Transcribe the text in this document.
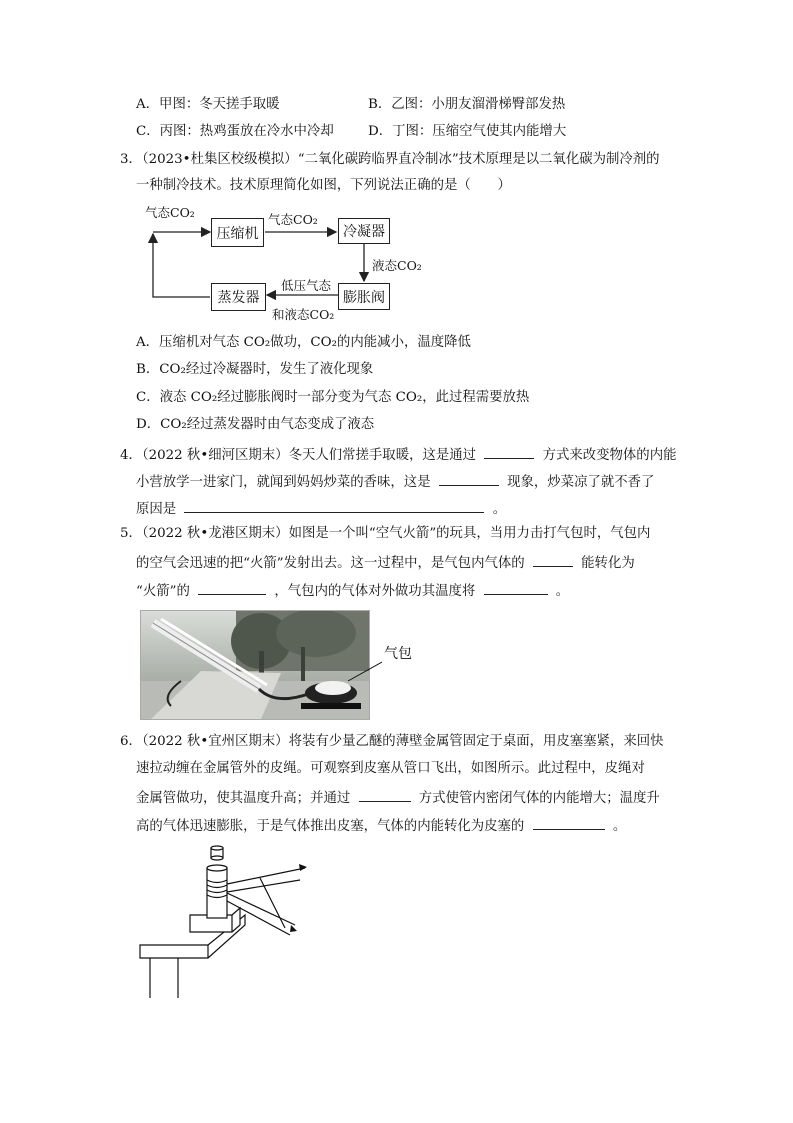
A．甲图：冬天搓手取暖	B．乙图：小朋友溜滑梯臀部发热
C．丙图：热鸡蛋放在冷水中冷却	D．丁图：压缩空气使其内能增大
3．（2023•杜集区校级模拟）“二氧化碳跨临界直冷制冰”技术原理是以二氧化碳为制冷剂的
一种制冷技术。技术原理简化如图，下列说法正确的是（　　）
气态CO₂
压缩机
气态CO₂
冷凝器
液态CO₂
膨胀阀
低压气态
和液态CO₂
蒸发器
A．压缩机对气态 CO₂做功，CO₂的内能减小，温度降低
B．CO₂经过冷凝器时，发生了液化现象
C．液态 CO₂经过膨胀阀时一部分变为气态 CO₂，此过程需要放热
D．CO₂经过蒸发器时由气态变成了液态
4．（2022 秋•细河区期末）冬天人们常搓手取暖，这是通过	方式来改变物体的内能
小营放学一进家门，就闻到妈妈炒菜的香味，这是	现象，炒菜凉了就不香了
原因是	。
5．（2022 秋•龙港区期末）如图是一个叫“空气火箭”的玩具，当用力击打气包时，气包内
的空气会迅速的把“火箭”发射出去。这一过程中，是气包内气体的	能转化为
“火箭”的	，气包内的气体对外做功其温度将	。
气包
6．（2022 秋•宜州区期末）将装有少量乙醚的薄壁金属管固定于桌面，用皮塞塞紧，来回快
速拉动缠在金属管外的皮绳。可观察到皮塞从管口飞出，如图所示。此过程中，皮绳对
金属管做功，使其温度升高；并通过	方式使管内密闭气体的内能增大；温度升
高的气体迅速膨胀，于是气体推出皮塞，气体的内能转化为皮塞的	。
